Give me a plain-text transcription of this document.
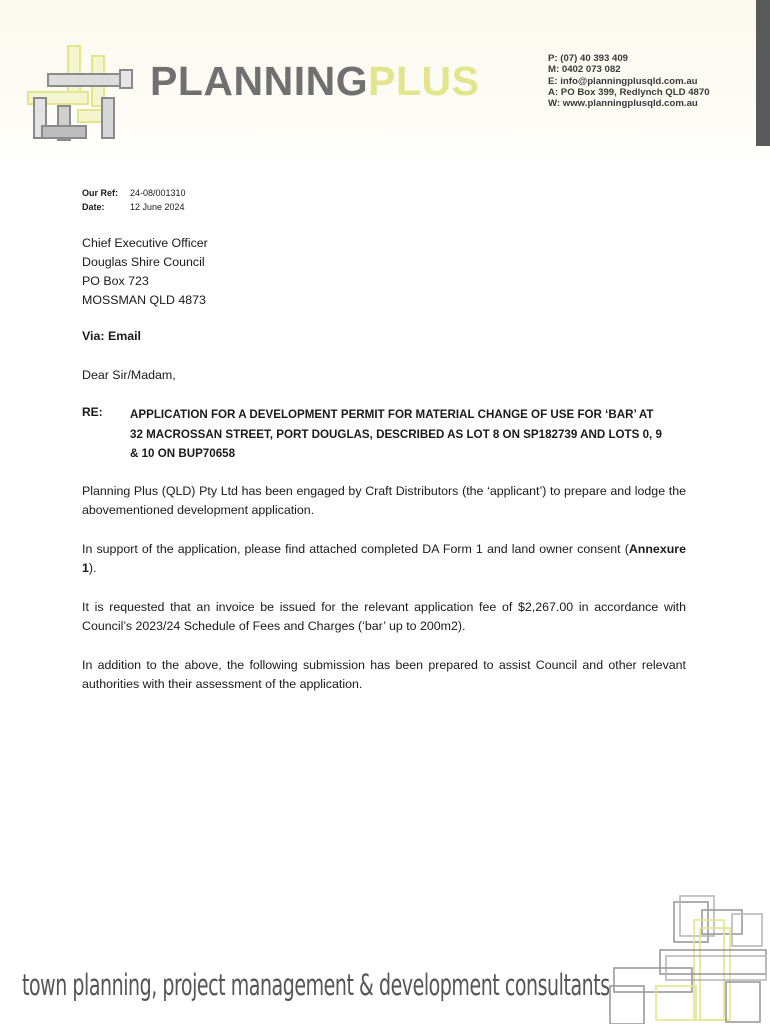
PLANNINGPLUS	P: (07) 40 393 409
M: 0402 073 082
E: info@planningplusqld.com.au
A: PO Box 399, Redlynch QLD 4870
W: www.planningplusqld.com.au
Our Ref:	24-08/001310
Date:	12 June 2024
Chief Executive Officer
Douglas Shire Council
PO Box 723
MOSSMAN QLD 4873
Via: Email
Dear Sir/Madam,
RE: APPLICATION FOR A DEVELOPMENT PERMIT FOR MATERIAL CHANGE OF USE FOR ‘BAR’ AT
32 MACROSSAN STREET, PORT DOUGLAS, DESCRIBED AS LOT 8 ON SP182739 AND LOTS 0, 9
& 10 ON BUP70658
Planning Plus (QLD) Pty Ltd has been engaged by Craft Distributors (the ‘applicant’) to prepare and lodge the abovementioned development application.
In support of the application, please find attached completed DA Form 1 and land owner consent (Annexure 1).
It is requested that an invoice be issued for the relevant application fee of $2,267.00 in accordance with Council’s 2023/24 Schedule of Fees and Charges (‘bar’ up to 200m2).
In addition to the above, the following submission has been prepared to assist Council and other relevant authorities with their assessment of the application.
town planning, project management & development consultants
